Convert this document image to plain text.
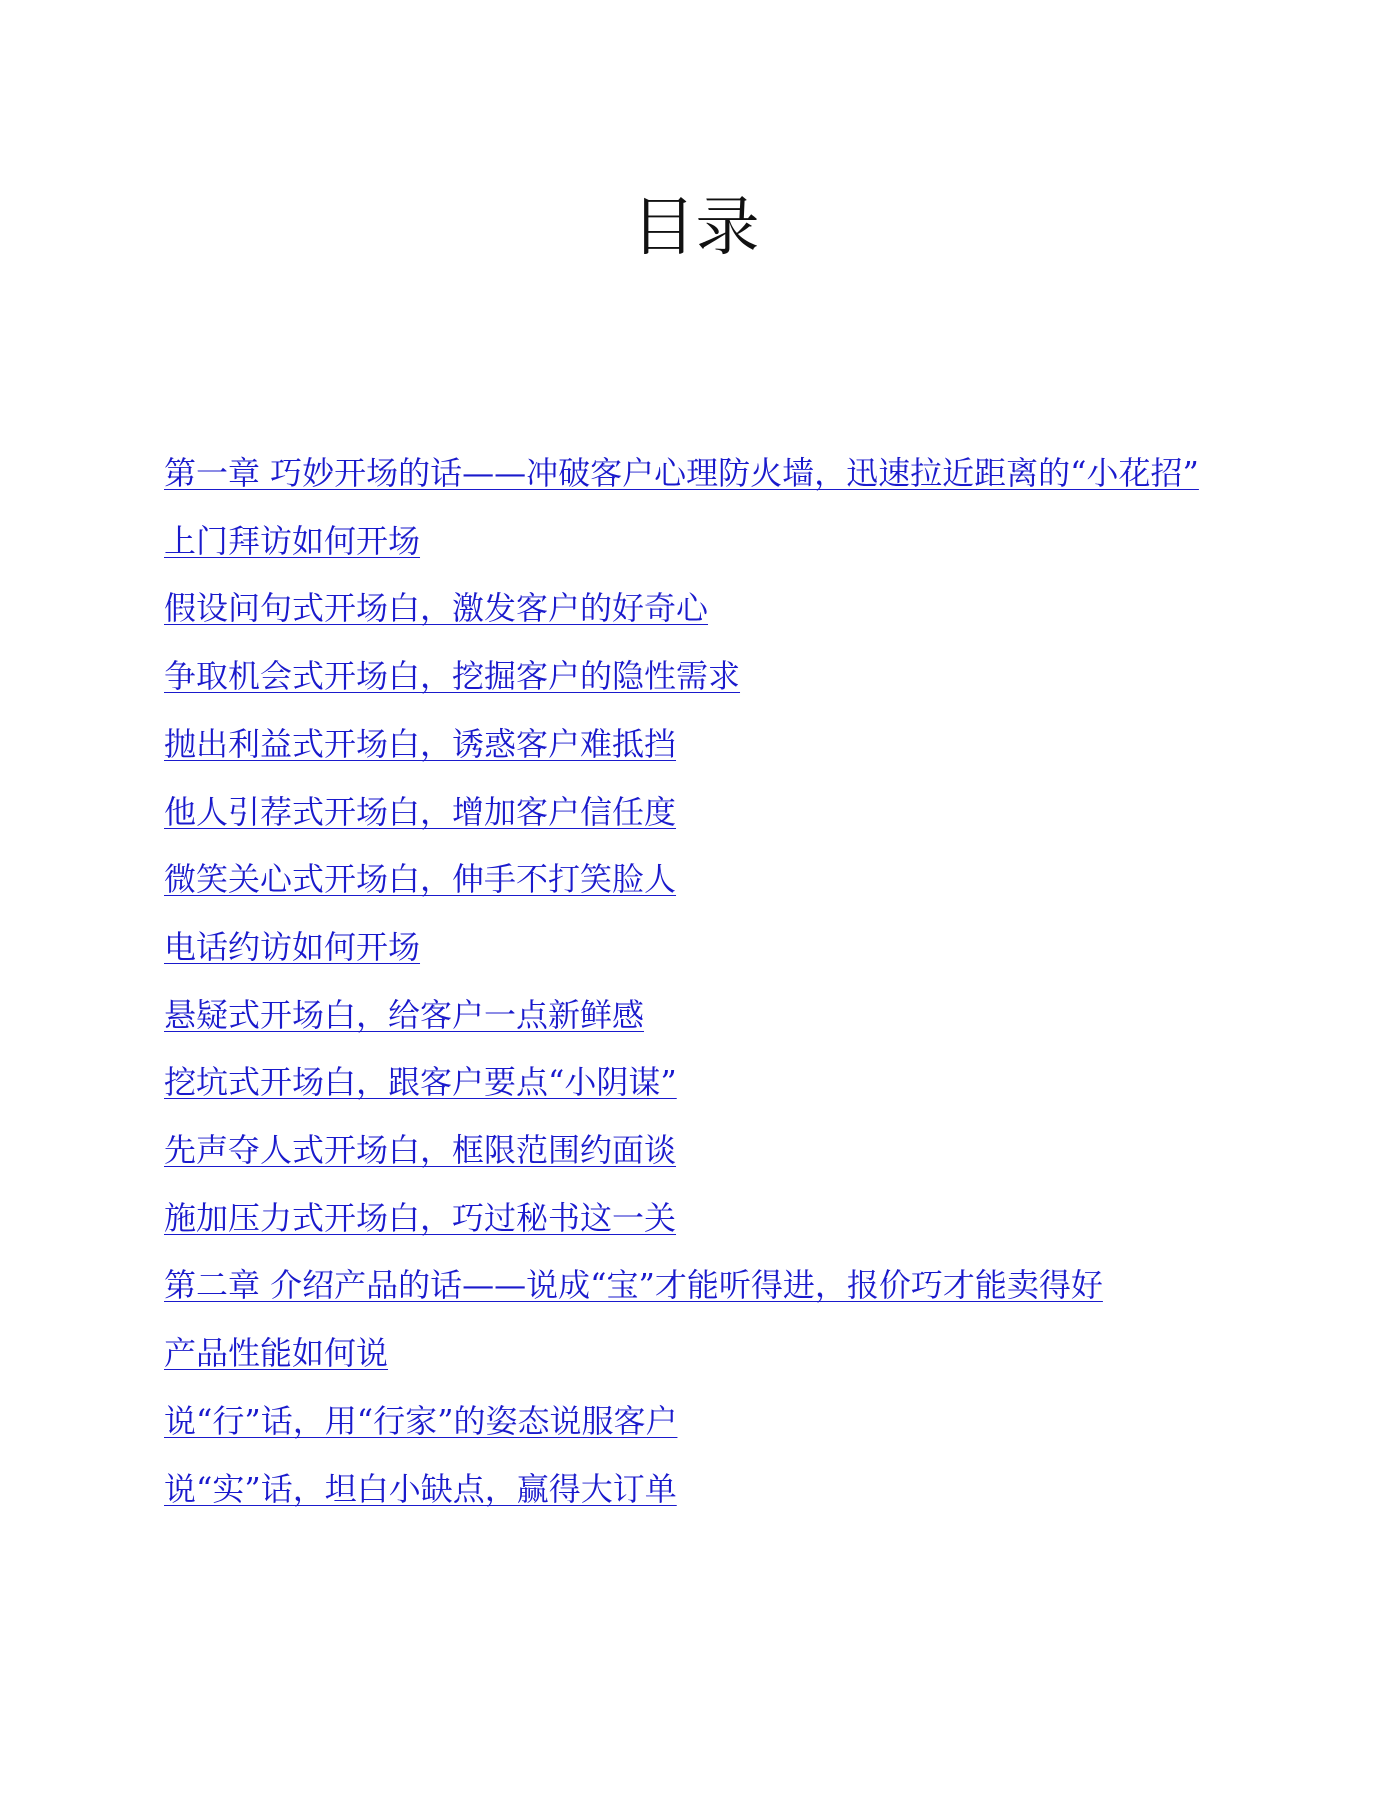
目录
第一章 巧妙开场的话——冲破客户心理防火墙，迅速拉近距离的“小花招”
上门拜访如何开场
假设问句式开场白，激发客户的好奇心
争取机会式开场白，挖掘客户的隐性需求
抛出利益式开场白，诱惑客户难抵挡
他人引荐式开场白，增加客户信任度
微笑关心式开场白，伸手不打笑脸人
电话约访如何开场
悬疑式开场白，给客户一点新鲜感
挖坑式开场白，跟客户要点“小阴谋”
先声夺人式开场白，框限范围约面谈
施加压力式开场白，巧过秘书这一关
第二章 介绍产品的话——说成“宝”才能听得进，报价巧才能卖得好
产品性能如何说
说“行”话，用“行家”的姿态说服客户
说“实”话，坦白小缺点，赢得大订单
